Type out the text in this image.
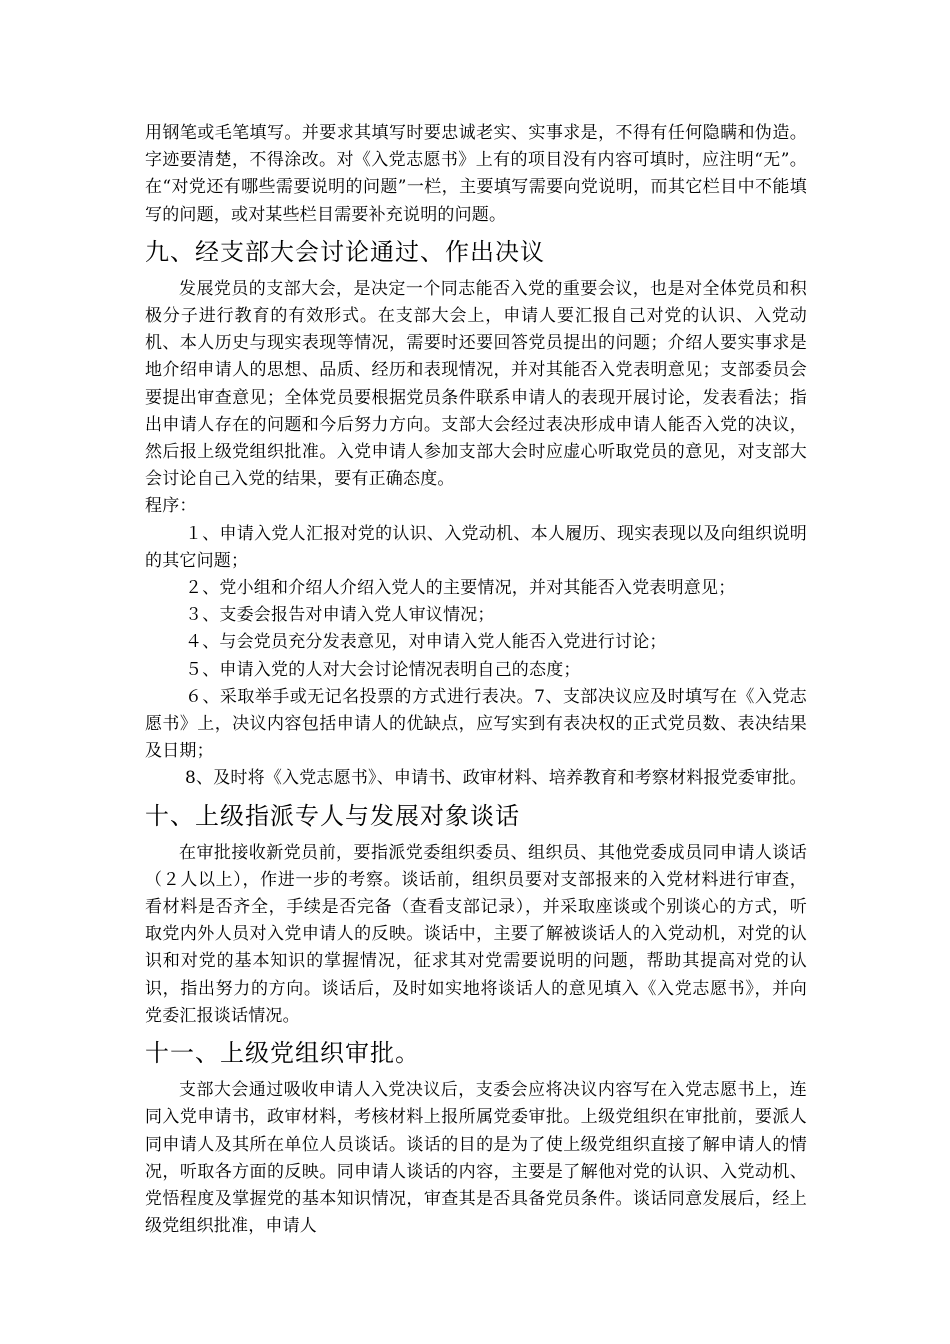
用钢笔或毛笔填写。并要求其填写时要忠诚老实、实事求是，不得有任何隐瞒和伪造。字迹要清楚，不得涂改。对《入党志愿书》上有的项目没有内容可填时，应注明“无”。在“对党还有哪些需要说明的问题”一栏，主要填写需要向党说明，而其它栏目中不能填写的问题，或对某些栏目需要补充说明的问题。

九、经支部大会讨论通过、作出决议

发展党员的支部大会，是决定一个同志能否入党的重要会议，也是对全体党员和积极分子进行教育的有效形式。在支部大会上，申请人要汇报自己对党的认识、入党动机、本人历史与现实表现等情况，需要时还要回答党员提出的问题；介绍人要实事求是地介绍申请人的思想、品质、经历和表现情况，并对其能否入党表明意见；支部委员会要提出审查意见；全体党员要根据党员条件联系申请人的表现开展讨论，发表看法；指出申请人存在的问题和今后努力方向。支部大会经过表决形成申请人能否入党的决议，然后报上级党组织批准。入党申请人参加支部大会时应虚心听取党员的意见，对支部大会讨论自己入党的结果，要有正确态度。

程序：

１、申请入党人汇报对党的认识、入党动机、本人履历、现实表现以及向组织说明的其它问题；

２、党小组和介绍人介绍入党人的主要情况，并对其能否入党表明意见；

３、支委会报告对申请入党人审议情况；

４、与会党员充分发表意见，对申请入党人能否入党进行讨论；

５、申请入党的人对大会讨论情况表明自己的态度；

６、采取举手或无记名投票的方式进行表决。7、支部决议应及时填写在《入党志愿书》上，决议内容包括申请人的优缺点，应写实到有表决权的正式党员数、表决结果及日期；

8、及时将《入党志愿书》、申请书、政审材料、培养教育和考察材料报党委审批。

十、上级指派专人与发展对象谈话

在审批接收新党员前，要指派党委组织委员、组织员、其他党委成员同申请人谈话（２人以上），作进一步的考察。谈话前，组织员要对支部报来的入党材料进行审查，看材料是否齐全，手续是否完备（查看支部记录），并采取座谈或个别谈心的方式，听取党内外人员对入党申请人的反映。谈话中，主要了解被谈话人的入党动机，对党的认识和对党的基本知识的掌握情况，征求其对党需要说明的问题，帮助其提高对党的认识，指出努力的方向。谈话后，及时如实地将谈话人的意见填入《入党志愿书》，并向党委汇报谈话情况。

十一、上级党组织审批。

支部大会通过吸收申请人入党决议后，支委会应将决议内容写在入党志愿书上，连同入党申请书，政审材料，考核材料上报所属党委审批。上级党组织在审批前，要派人同申请人及其所在单位人员谈话。谈话的目的是为了使上级党组织直接了解申请人的情况，听取各方面的反映。同申请人谈话的内容，主要是了解他对党的认识、入党动机、党悟程度及掌握党的基本知识情况，审查其是否具备党员条件。谈话同意发展后，经上级党组织批准，申请人
